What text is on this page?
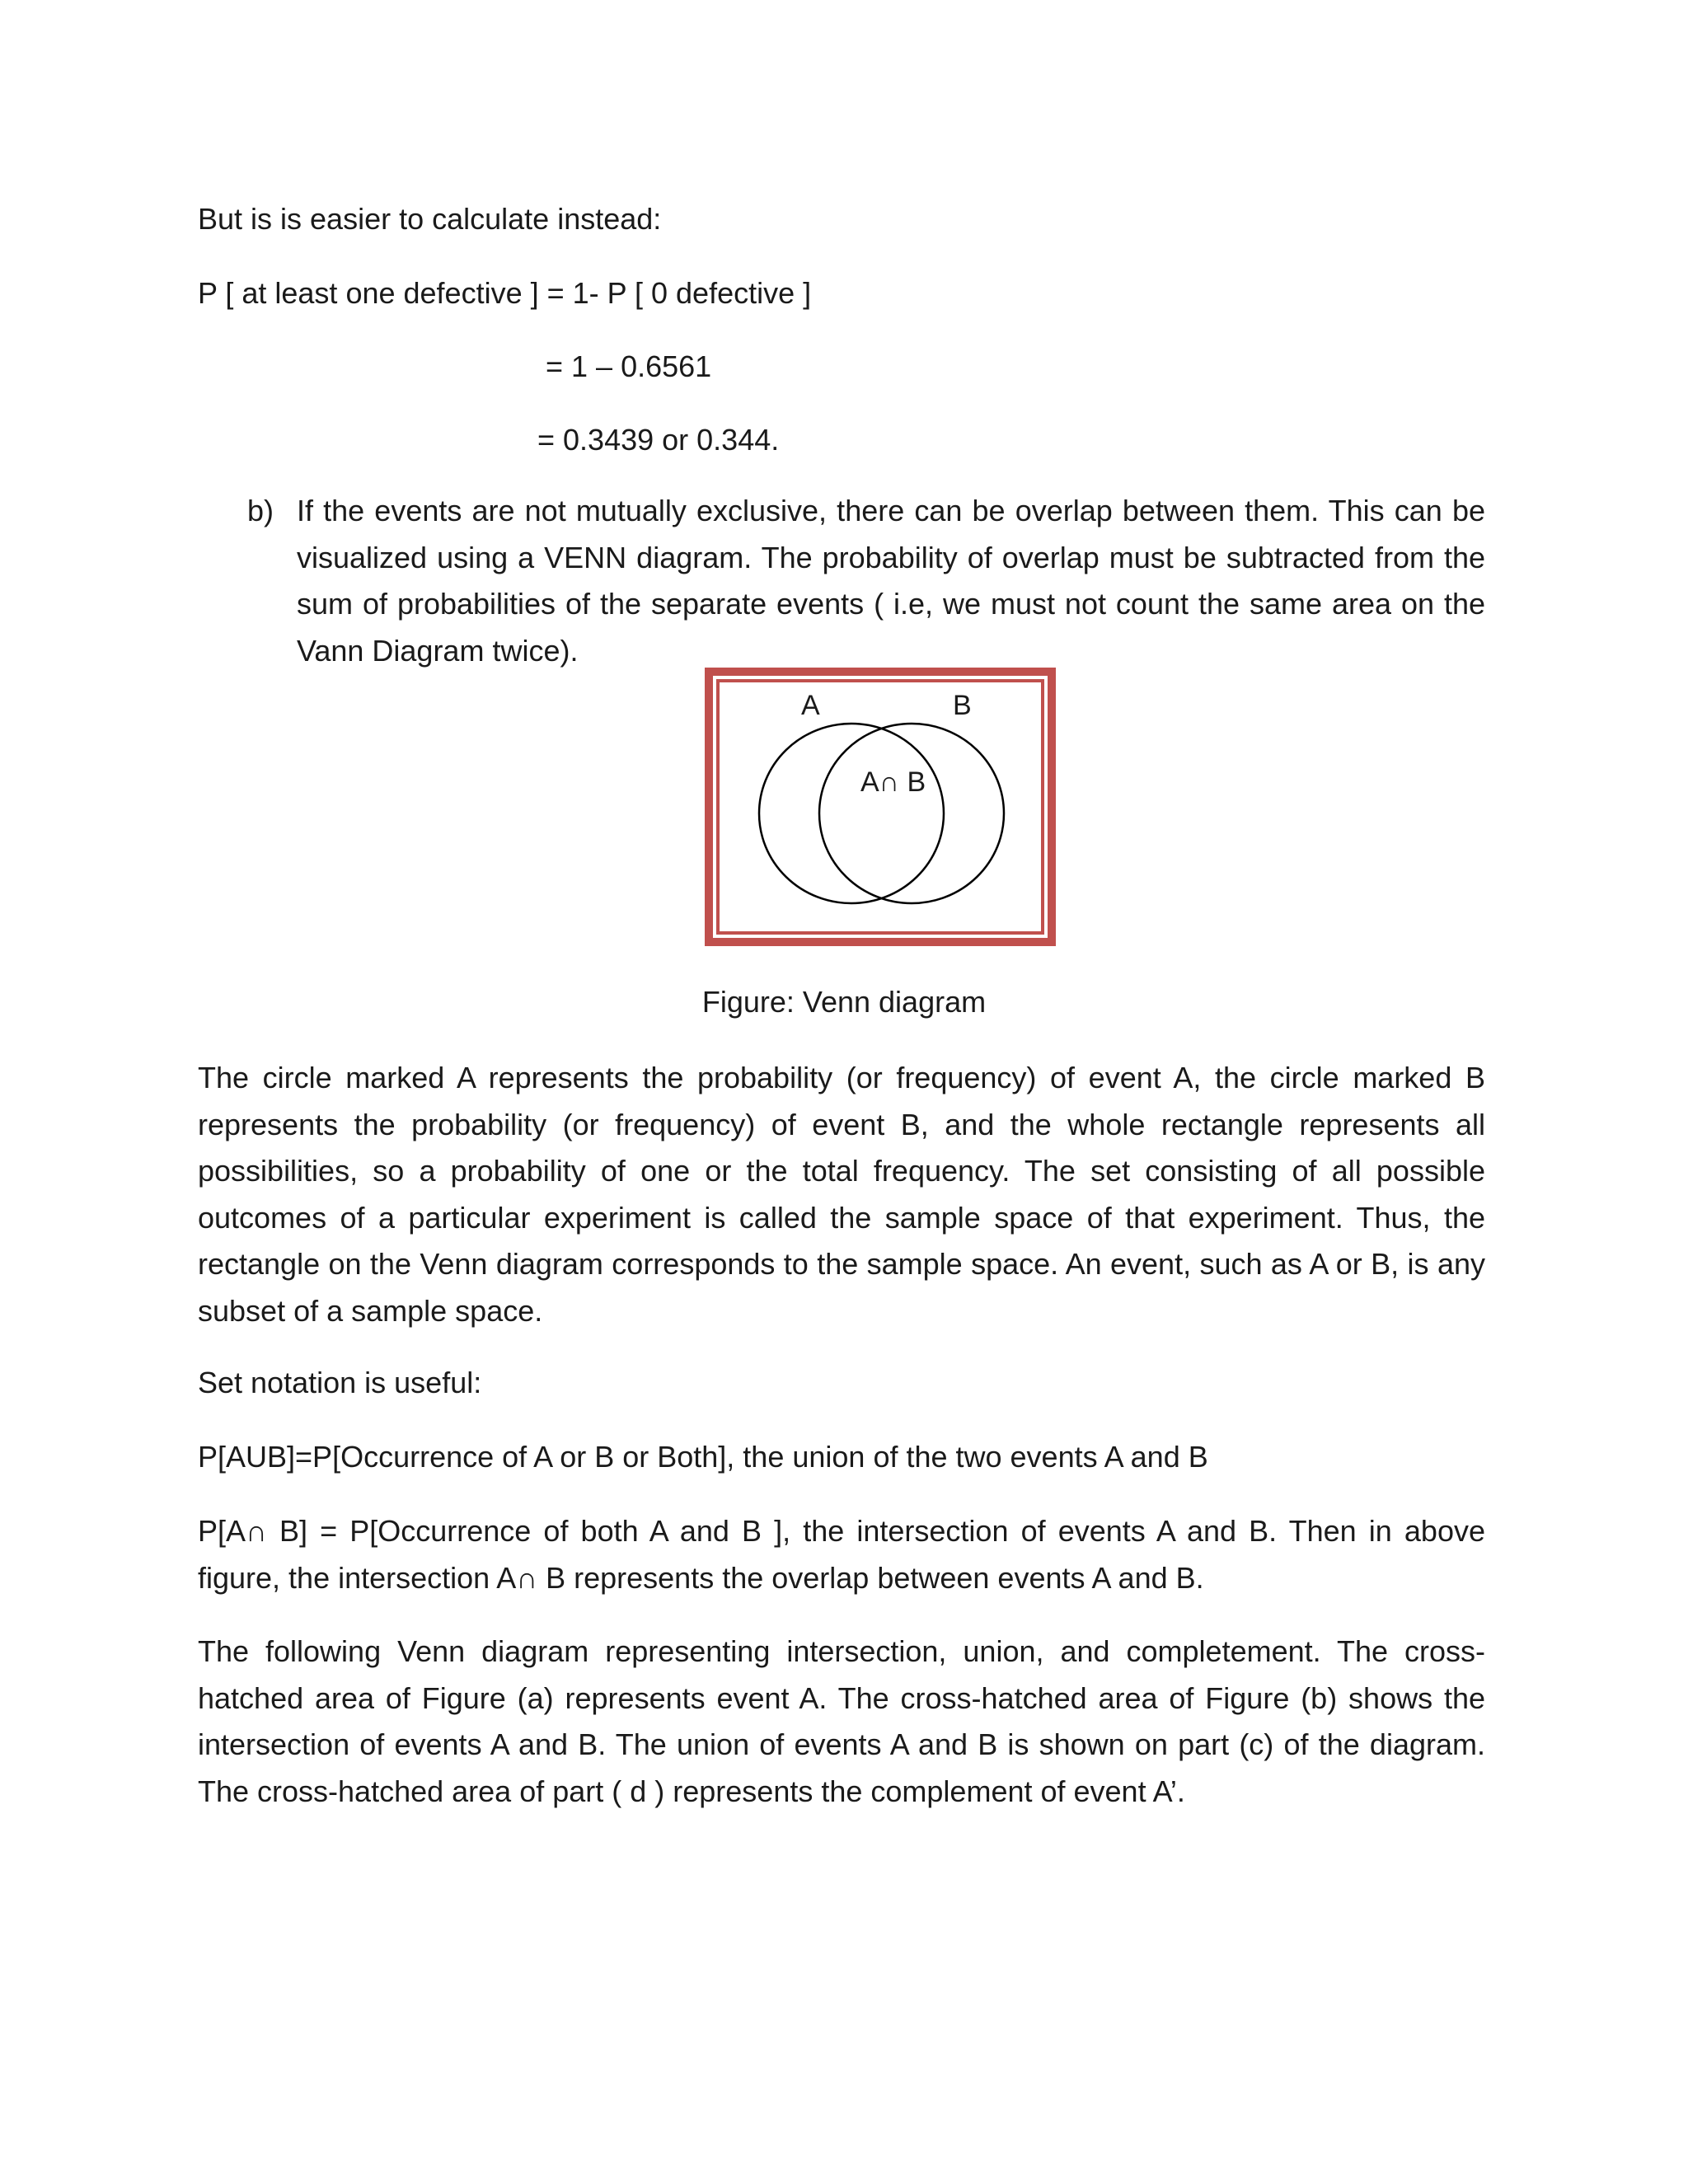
But is is easier to calculate instead:
P [ at least one defective ] = 1- P [ 0 defective ]
= 1 – 0.6561
= 0.3439 or 0.344.
b) If the events are not mutually exclusive, there can be overlap between them. This can be visualized using a VENN diagram. The probability of overlap must be subtracted from the sum of probabilities of the separate events ( i.e, we must not count the same area on the Vann Diagram twice).
A	B
A∩ B
Figure: Venn diagram
The circle marked A represents the probability (or frequency) of event A, the circle marked B represents the probability (or frequency) of event B, and the whole rectangle represents all possibilities, so a probability of one or the total frequency. The set consisting of all possible outcomes of a particular experiment is called the sample space of that experiment. Thus, the rectangle on the Venn diagram corresponds to the sample space. An event, such as A or B, is any subset of a sample space.
Set notation is useful:
P[AUB]=P[Occurrence of A or B or Both], the union of the two events A and B
P[A∩ B] = P[Occurrence of both A and B ], the intersection of events A and B. Then in above figure, the intersection A∩ B represents the overlap between events A and B.
The following Venn diagram representing intersection, union, and completement. The cross-hatched area of Figure (a) represents event A. The cross-hatched area of Figure (b) shows the intersection of events A and B. The union of events A and B is shown on part (c) of the diagram. The cross-hatched area of part ( d ) represents the complement of event A’.
